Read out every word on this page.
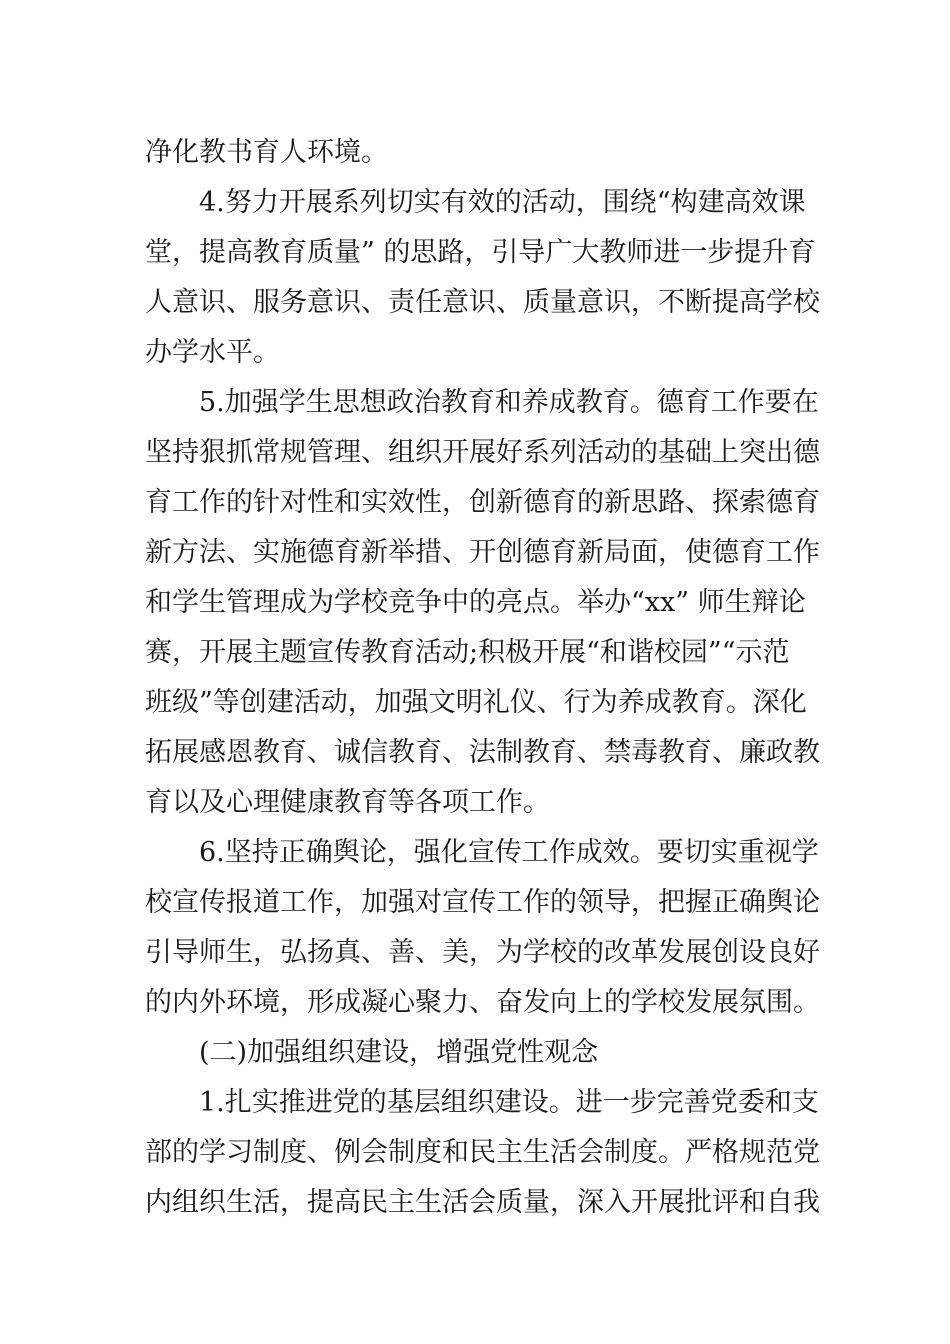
净化教书育人环境。

4.努力开展系列切实有效的活动，围绕“构建高效课

堂，提高教育质量” 的思路，引导广大教师进一步提升育

人意识、服务意识、责任意识、质量意识，不断提高学校

办学水平。

5.加强学生思想政治教育和养成教育。德育工作要在

坚持狠抓常规管理、组织开展好系列活动的基础上突出德

育工作的针对性和实效性，创新德育的新思路、探索德育

新方法、实施德育新举措、开创德育新局面，使德育工作

和学生管理成为学校竞争中的亮点。举办“xx” 师生辩论

赛，开展主题宣传教育活动;积极开展“和谐校园”“示范

班级”等创建活动，加强文明礼仪、行为养成教育。深化

拓展感恩教育、诚信教育、法制教育、禁毒教育、廉政教

育以及心理健康教育等各项工作。

6.坚持正确舆论，强化宣传工作成效。要切实重视学

校宣传报道工作，加强对宣传工作的领导，把握正确舆论

引导师生，弘扬真、善、美，为学校的改革发展创设良好

的内外环境，形成凝心聚力、奋发向上的学校发展氛围。

(二)加强组织建设，增强党性观念

1.扎实推进党的基层组织建设。进一步完善党委和支

部的学习制度、例会制度和民主生活会制度。严格规范党

内组织生活，提高民主生活会质量，深入开展批评和自我
